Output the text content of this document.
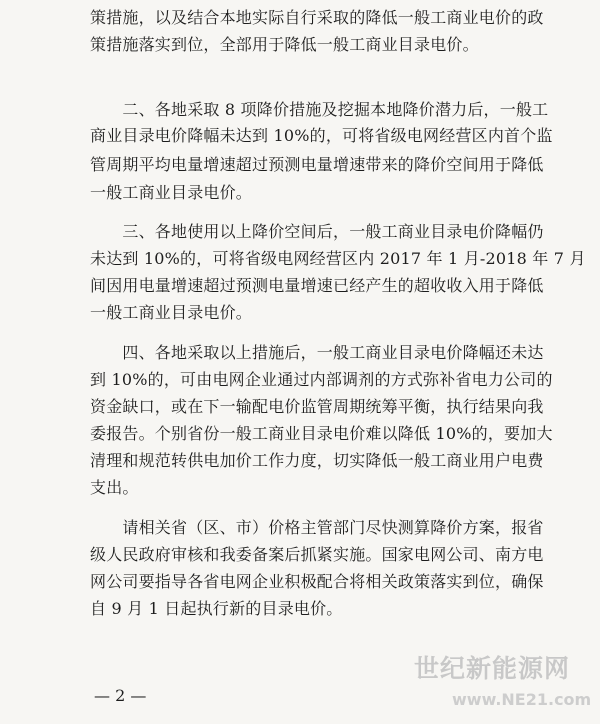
策措施，以及结合本地实际自行采取的降低一般工商业电价的政
策措施落实到位，全部用于降低一般工商业目录电价。
　　二、各地采取 8 项降价措施及挖掘本地降价潜力后，一般工
商业目录电价降幅未达到 10%的，可将省级电网经营区内首个监
管周期平均电量增速超过预测电量增速带来的降价空间用于降低
一般工商业目录电价。
　　三、各地使用以上降价空间后，一般工商业目录电价降幅仍
未达到 10%的，可将省级电网经营区内 2017 年 1 月-2018 年 7 月
间因用电量增速超过预测电量增速已经产生的超收收入用于降低
一般工商业目录电价。
　　四、各地采取以上措施后，一般工商业目录电价降幅还未达
到 10%的，可由电网企业通过内部调剂的方式弥补省电力公司的
资金缺口，或在下一输配电价监管周期统筹平衡，执行结果向我
委报告。个别省份一般工商业目录电价难以降低 10%的，要加大
清理和规范转供电加价工作力度，切实降低一般工商业用户电费
支出。
　　请相关省（区、市）价格主管部门尽快测算降价方案，报省
级人民政府审核和我委备案后抓紧实施。国家电网公司、南方电
网公司要指导各省电网企业积极配合将相关政策落实到位，确保
自 9 月 1 日起执行新的目录电价。
— 2 —
世纪新能源网
www.NE21.com
